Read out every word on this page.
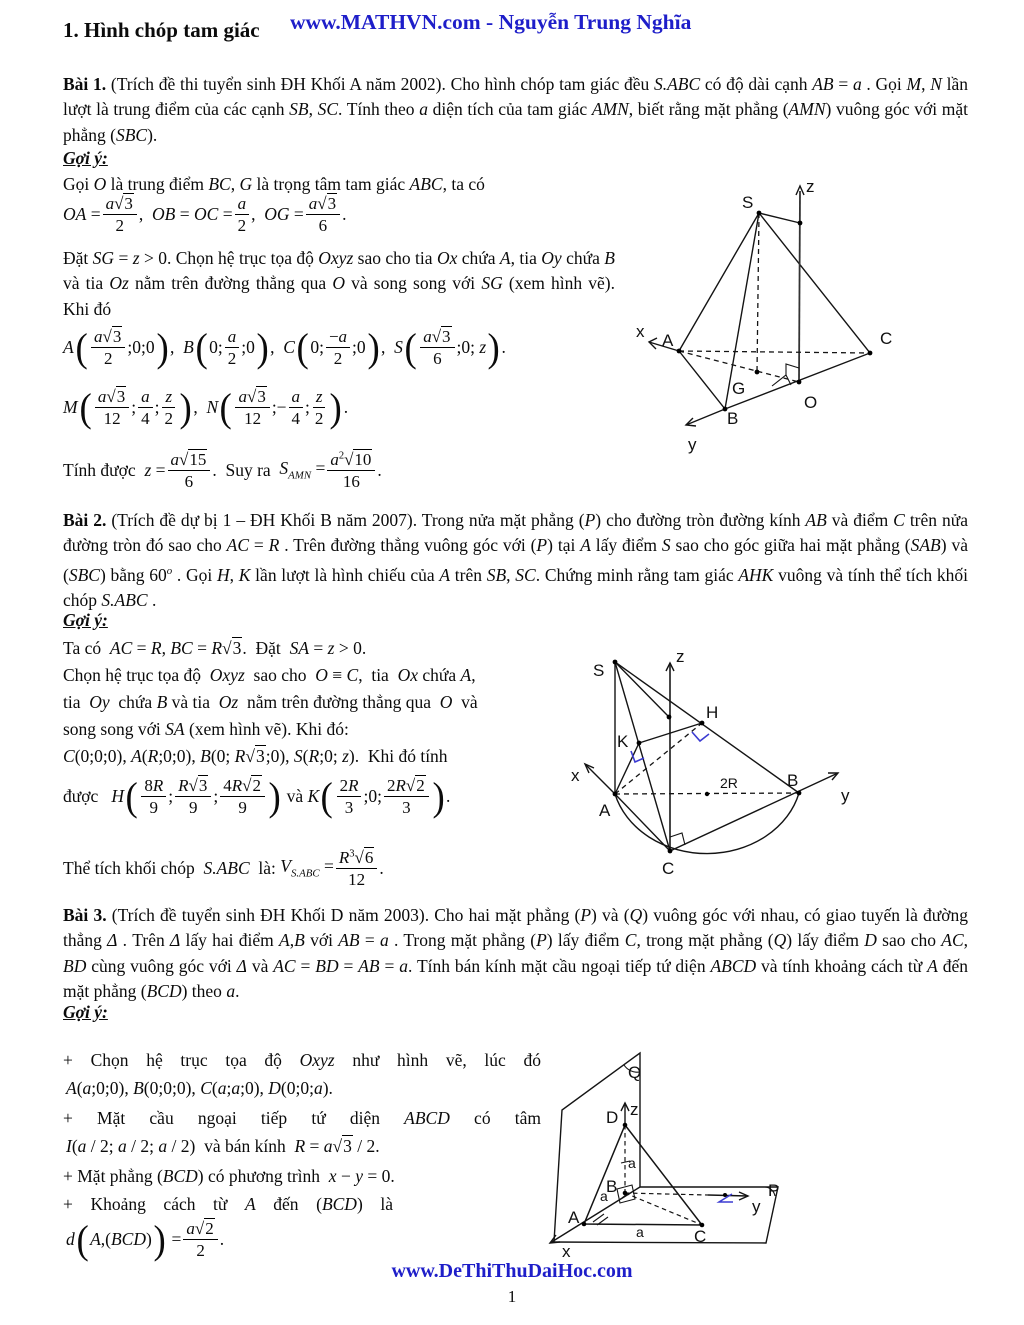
1. Hình chóp tam giác www.MATHVN.com - Nguyễn Trung Nghĩa

Bài 1. (Trích đề thi tuyển sinh ĐH Khối A năm 2002). Cho hình chóp tam giác đều S.ABC có độ dài cạnh AB = a . Gọi M, N lần lượt là trung điểm của các cạnh SB, SC. Tính theo a diện tích của tam giác AMN, biết rằng mặt phẳng (AMN) vuông góc với mặt phẳng (SBC).

Gợi ý:

Gọi O là trung điểm BC, G là trọng tâm tam giác ABC, ta có

OA = $\frac{a√3}{2}$ ,  OB = OC = $\frac{a}{2}$ ,  OG = $\frac{a√3}{6}$ .

Đặt SG = z > 0. Chọn hệ trục tọa độ Oxyz sao cho tia Ox chứa A, tia Oy chứa B và tia Oz nằm trên đường thẳng qua O và song song với SG (xem hình vẽ). Khi đó

A ( $\frac{a√3}{2}$ ;0;0 ) ,  B ( 0; $\frac{a}{2}$ ;0 ) ,  C ( 0; $\frac{-a}{2}$ ;0 ) ,  S ( $\frac{a√3}{6}$ ;0; z ) .
M ( $\frac{a√3}{12}$ ; $\frac{a}{4}$ ; $\frac{z}{2}$ ) ,  N ( $\frac{a√3}{12}$ ;− $\frac{a}{4}$ ; $\frac{z}{2}$ ) .
Tính được $z = \frac{a√15}{6}$ . Suy ra $S_{AMN} = \frac{a^2√10}{16}$ .
S
z
x A	C
B
y
G
O

Bài 2. (Trích đề dự bị 1 – ĐH Khối B năm 2007). Trong nửa mặt phẳng (P) cho đường tròn đường kính AB và điểm C trên nửa đường tròn đó sao cho AC = R . Trên đường thẳng vuông góc với (P) tại A lấy điểm S sao cho góc giữa hai mặt phẳng (SAB) và (SBC) bằng 60$^o$ . Gọi H, K lần lượt là hình chiếu của A trên SB, SC. Chứng minh rằng tam giác AHK vuông và tính thể tích khối chóp S.ABC .

Gợi ý:

Ta có  AC = R, BC = R√3.  Đặt  SA = z > 0.

Chọn hệ trục tọa độ  Oxyz  sao cho  O ≡ C,  tia  Ox chứa A,

tia  Oy  chứa B và tia  Oz  nằm trên đường thẳng qua  O  và

song song với SA (xem hình vẽ). Khi đó:

C(0;0;0), A(R;0;0), B(0; R√3;0), S(R;0; z).  Khi đó tính

được H ( $\frac{8R}{9}$ ; $\frac{R√3}{9}$ ; $\frac{4R√2}{9}$ ) và K ( $\frac{2R}{3}$ ;0; $\frac{2R√2}{3}$ ) .
Thể tích khối chóp S.ABC là: $V_{S.ABC} = \frac{R^3√6}{12}$ .
S
z
H
K
x
A
B
y
C
2R

Bài 3. (Trích đề tuyển sinh ĐH Khối D năm 2003). Cho hai mặt phẳng (P) và (Q) vuông góc với nhau, có giao tuyến là đường thẳng Δ . Trên Δ lấy hai điểm A,B với AB = a . Trong mặt phẳng (P) lấy điểm C, trong mặt phẳng (Q) lấy điểm D sao cho AC, BD cùng vuông góc với Δ và AC = BD = AB = a. Tính bán kính mặt cầu ngoại tiếp tứ diện ABCD và tính khoảng cách từ A đến mặt phẳng (BCD) theo a.

Gợi ý:

+ Chọn hệ trục tọa độ Oxyz như hình vẽ, lúc đó

A(a;0;0), B(0;0;0), C(a;a;0), D(0;0;a).

+ Mặt cầu ngoại tiếp tứ diện ABCD có tâm

I(a / 2; a / 2; a / 2)  và bán kính  R = a√3 / 2.

+ Mặt phẳng (BCD) có phương trình  x − y = 0.

+ Khoảng cách từ A đến (BCD) là

d ( A,(BCD) ) = $\frac{a√2}{2}$ .
Q
D z
B
A
C
y
P
x
a
a
a
www.DeThiThuDaiHoc.com
1
